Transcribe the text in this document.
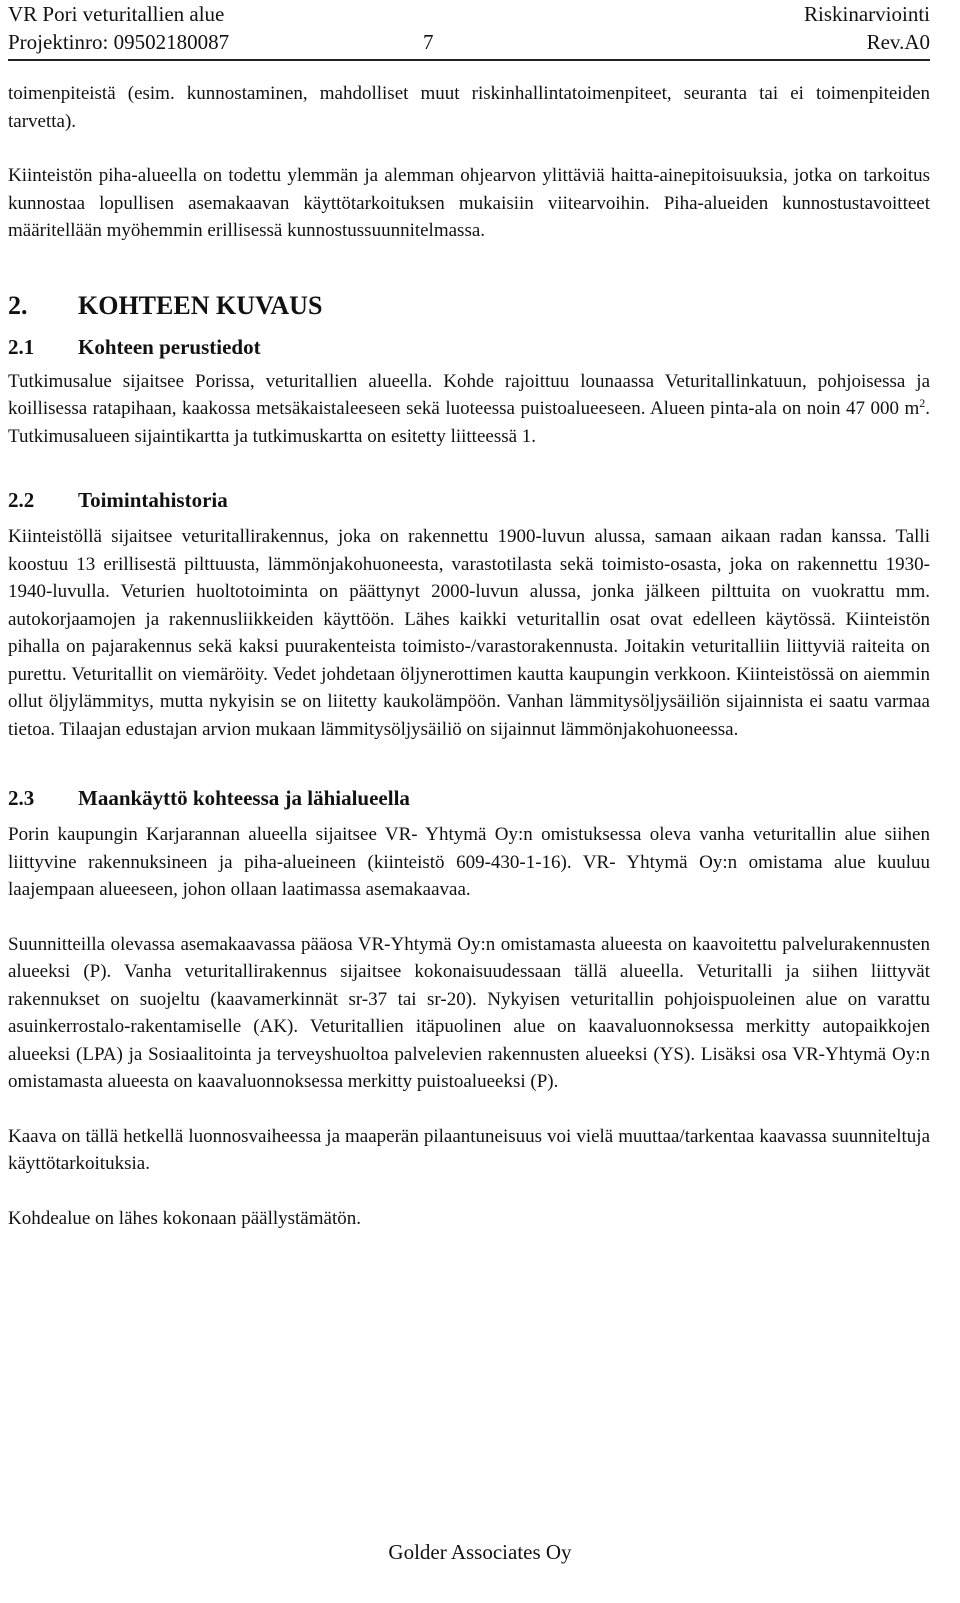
VR Pori veturitallien alue	Riskinarviointi
Projektinro: 09502180087	7	Rev.A0

toimenpiteistä (esim. kunnostaminen, mahdolliset muut riskinhallintatoimenpiteet, seuranta tai ei toimenpiteiden tarvetta).

Kiinteistön piha-alueella on todettu ylemmän ja alemman ohjearvon ylittäviä haitta-ainepitoisuuksia, jotka on tarkoitus kunnostaa lopullisen asemakaavan käyttötarkoituksen mukaisiin viitearvoihin. Piha-alueiden kunnostustavoitteet määritellään myöhemmin erillisessä kunnostussuunnitelmassa.

2. KOHTEEN KUVAUS
2.1 Kohteen perustiedot

Tutkimusalue sijaitsee Porissa, veturitallien alueella. Kohde rajoittuu lounaassa Veturitallinkatuun, pohjoisessa ja koillisessa ratapihaan, kaakossa metsäkaistaleeseen sekä luoteessa puistoalueeseen. Alueen pinta-ala on noin 47 000 $m^2$. Tutkimusalueen sijaintikartta ja tutkimuskartta on esitetty liitteessä 1.

2.2 Toimintahistoria

Kiinteistöllä sijaitsee veturitallirakennus, joka on rakennettu 1900-luvun alussa, samaan aikaan radan kanssa. Talli koostuu 13 erillisestä pilttuusta, lämmönjakohuoneesta, varastotilasta sekä toimisto-osasta, joka on rakennettu 1930-1940-luvulla. Veturien huoltotoiminta on päättynyt 2000-luvun alussa, jonka jälkeen pilttuita on vuokrattu mm. autokorjaamojen ja rakennusliikkeiden käyttöön. Lähes kaikki veturitallin osat ovat edelleen käytössä. Kiinteistön pihalla on pajarakennus sekä kaksi puurakenteista toimisto-/varastorakennusta. Joitakin veturitalliin liittyviä raiteita on purettu. Veturitallit on viemäröity. Vedet johdetaan öljynerottimen kautta kaupungin verkkoon. Kiinteistössä on aiemmin ollut öljylämmitys, mutta nykyisin se on liitetty kaukolämpöön. Vanhan lämmitysöljysäiliön sijainnista ei saatu varmaa tietoa. Tilaajan edustajan arvion mukaan lämmitysöljysäiliö on sijainnut lämmönjakohuoneessa.

2.3 Maankäyttö kohteessa ja lähialueella

Porin kaupungin Karjarannan alueella sijaitsee VR- Yhtymä Oy:n omistuksessa oleva vanha veturitallin alue siihen liittyvine rakennuksineen ja piha-alueineen (kiinteistö 609-430-1-16). VR- Yhtymä Oy:n omistama alue kuuluu laajempaan alueeseen, johon ollaan laatimassa asemakaavaa.

Suunnitteilla olevassa asemakaavassa pääosa VR-Yhtymä Oy:n omistamasta alueesta on kaavoitettu palvelurakennusten alueeksi (P). Vanha veturitallirakennus sijaitsee kokonaisuudessaan tällä alueella. Veturitalli ja siihen liittyvät rakennukset on suojeltu (kaavamerkinnät sr-37 tai sr-20). Nykyisen veturitallin pohjoispuoleinen alue on varattu asuinkerrostalo-rakentamiselle (AK). Veturitallien itäpuolinen alue on kaavaluonnoksessa merkitty autopaikkojen alueeksi (LPA) ja Sosiaalitointa ja terveyshuoltoa palvelevien rakennusten alueeksi (YS). Lisäksi osa VR-Yhtymä Oy:n omistamasta alueesta on kaavaluonnoksessa merkitty puistoalueeksi (P).

Kaava on tällä hetkellä luonnosvaiheessa ja maaperän pilaantuneisuus voi vielä muuttaa/tarkentaa kaavassa suunniteltuja käyttötarkoituksia.

Kohdealue on lähes kokonaan päällystämätön.

Golder Associates Oy
